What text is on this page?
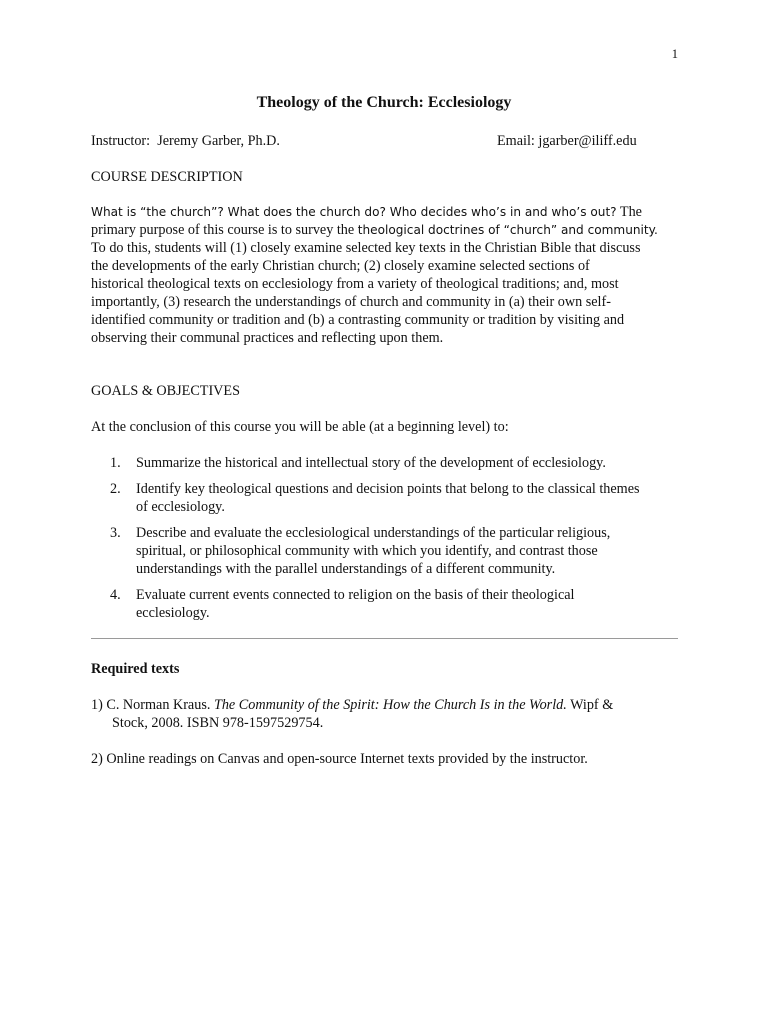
1
Theology of the Church: Ecclesiology
Instructor:  Jeremy Garber, Ph.D.	Email: jgarber@iliff.edu
COURSE DESCRIPTION
What is “the church”? What does the church do? Who decides who’s in and who’s out? The
primary purpose of this course is to survey the theological doctrines of “church” and community.
To do this, students will (1) closely examine selected key texts in the Christian Bible that discuss
the developments of the early Christian church; (2) closely examine selected sections of
historical theological texts on ecclesiology from a variety of theological traditions; and, most
importantly, (3) research the understandings of church and community in (a) their own self-
identified community or tradition and (b) a contrasting community or tradition by visiting and
observing their communal practices and reflecting upon them.
GOALS & OBJECTIVES

At the conclusion of this course you will be able (at a beginning level) to:

1. Summarize the historical and intellectual story of the development of ecclesiology.
2. Identify key theological questions and decision points that belong to the classical themes
of ecclesiology.
3. Describe and evaluate the ecclesiological understandings of the particular religious,
spiritual, or philosophical community with which you identify, and contrast those
understandings with the parallel understandings of a different community.
4. Evaluate current events connected to religion on the basis of their theological
ecclesiology.
Required texts

1) C. Norman Kraus. The Community of the Spirit: How the Church Is in the World. Wipf &
Stock, 2008. ISBN 978-1597529754.

2) Online readings on Canvas and open-source Internet texts provided by the instructor.
